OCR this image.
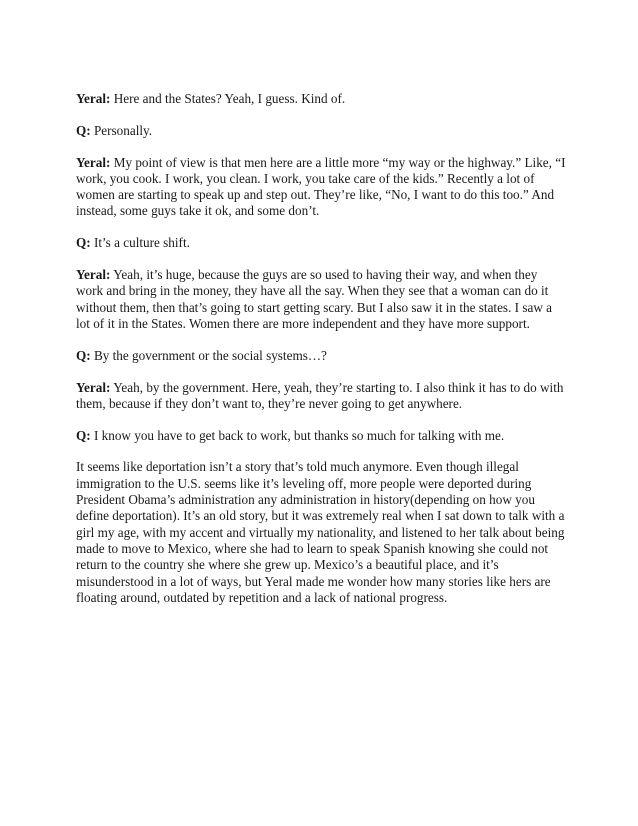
Yeral: Here and the States? Yeah, I guess. Kind of.

Q: Personally.

Yeral: My point of view is that men here are a little more “my way or the highway.” Like, “I work, you cook. I work, you clean. I work, you take care of the kids.” Recently a lot of women are starting to speak up and step out. They’re like, “No, I want to do this too.” And instead, some guys take it ok, and some don’t.

Q: It’s a culture shift.

Yeral: Yeah, it’s huge, because the guys are so used to having their way, and when they work and bring in the money, they have all the say. When they see that a woman can do it without them, then that’s going to start getting scary. But I also saw it in the states. I saw a lot of it in the States. Women there are more independent and they have more support.

Q: By the government or the social systems…?

Yeral: Yeah, by the government. Here, yeah, they’re starting to. I also think it has to do with them, because if they don’t want to, they’re never going to get anywhere.

Q: I know you have to get back to work, but thanks so much for talking with me.

It seems like deportation isn’t a story that’s told much anymore. Even though illegal immigration to the U.S. seems like it’s leveling off, more people were deported during President Obama’s administration any administration in history(depending on how you define deportation). It’s an old story, but it was extremely real when I sat down to talk with a girl my age, with my accent and virtually my nationality, and listened to her talk about being made to move to Mexico, where she had to learn to speak Spanish knowing she could not return to the country she where she grew up. Mexico’s a beautiful place, and it’s misunderstood in a lot of ways, but Yeral made me wonder how many stories like hers are floating around, outdated by repetition and a lack of national progress.
